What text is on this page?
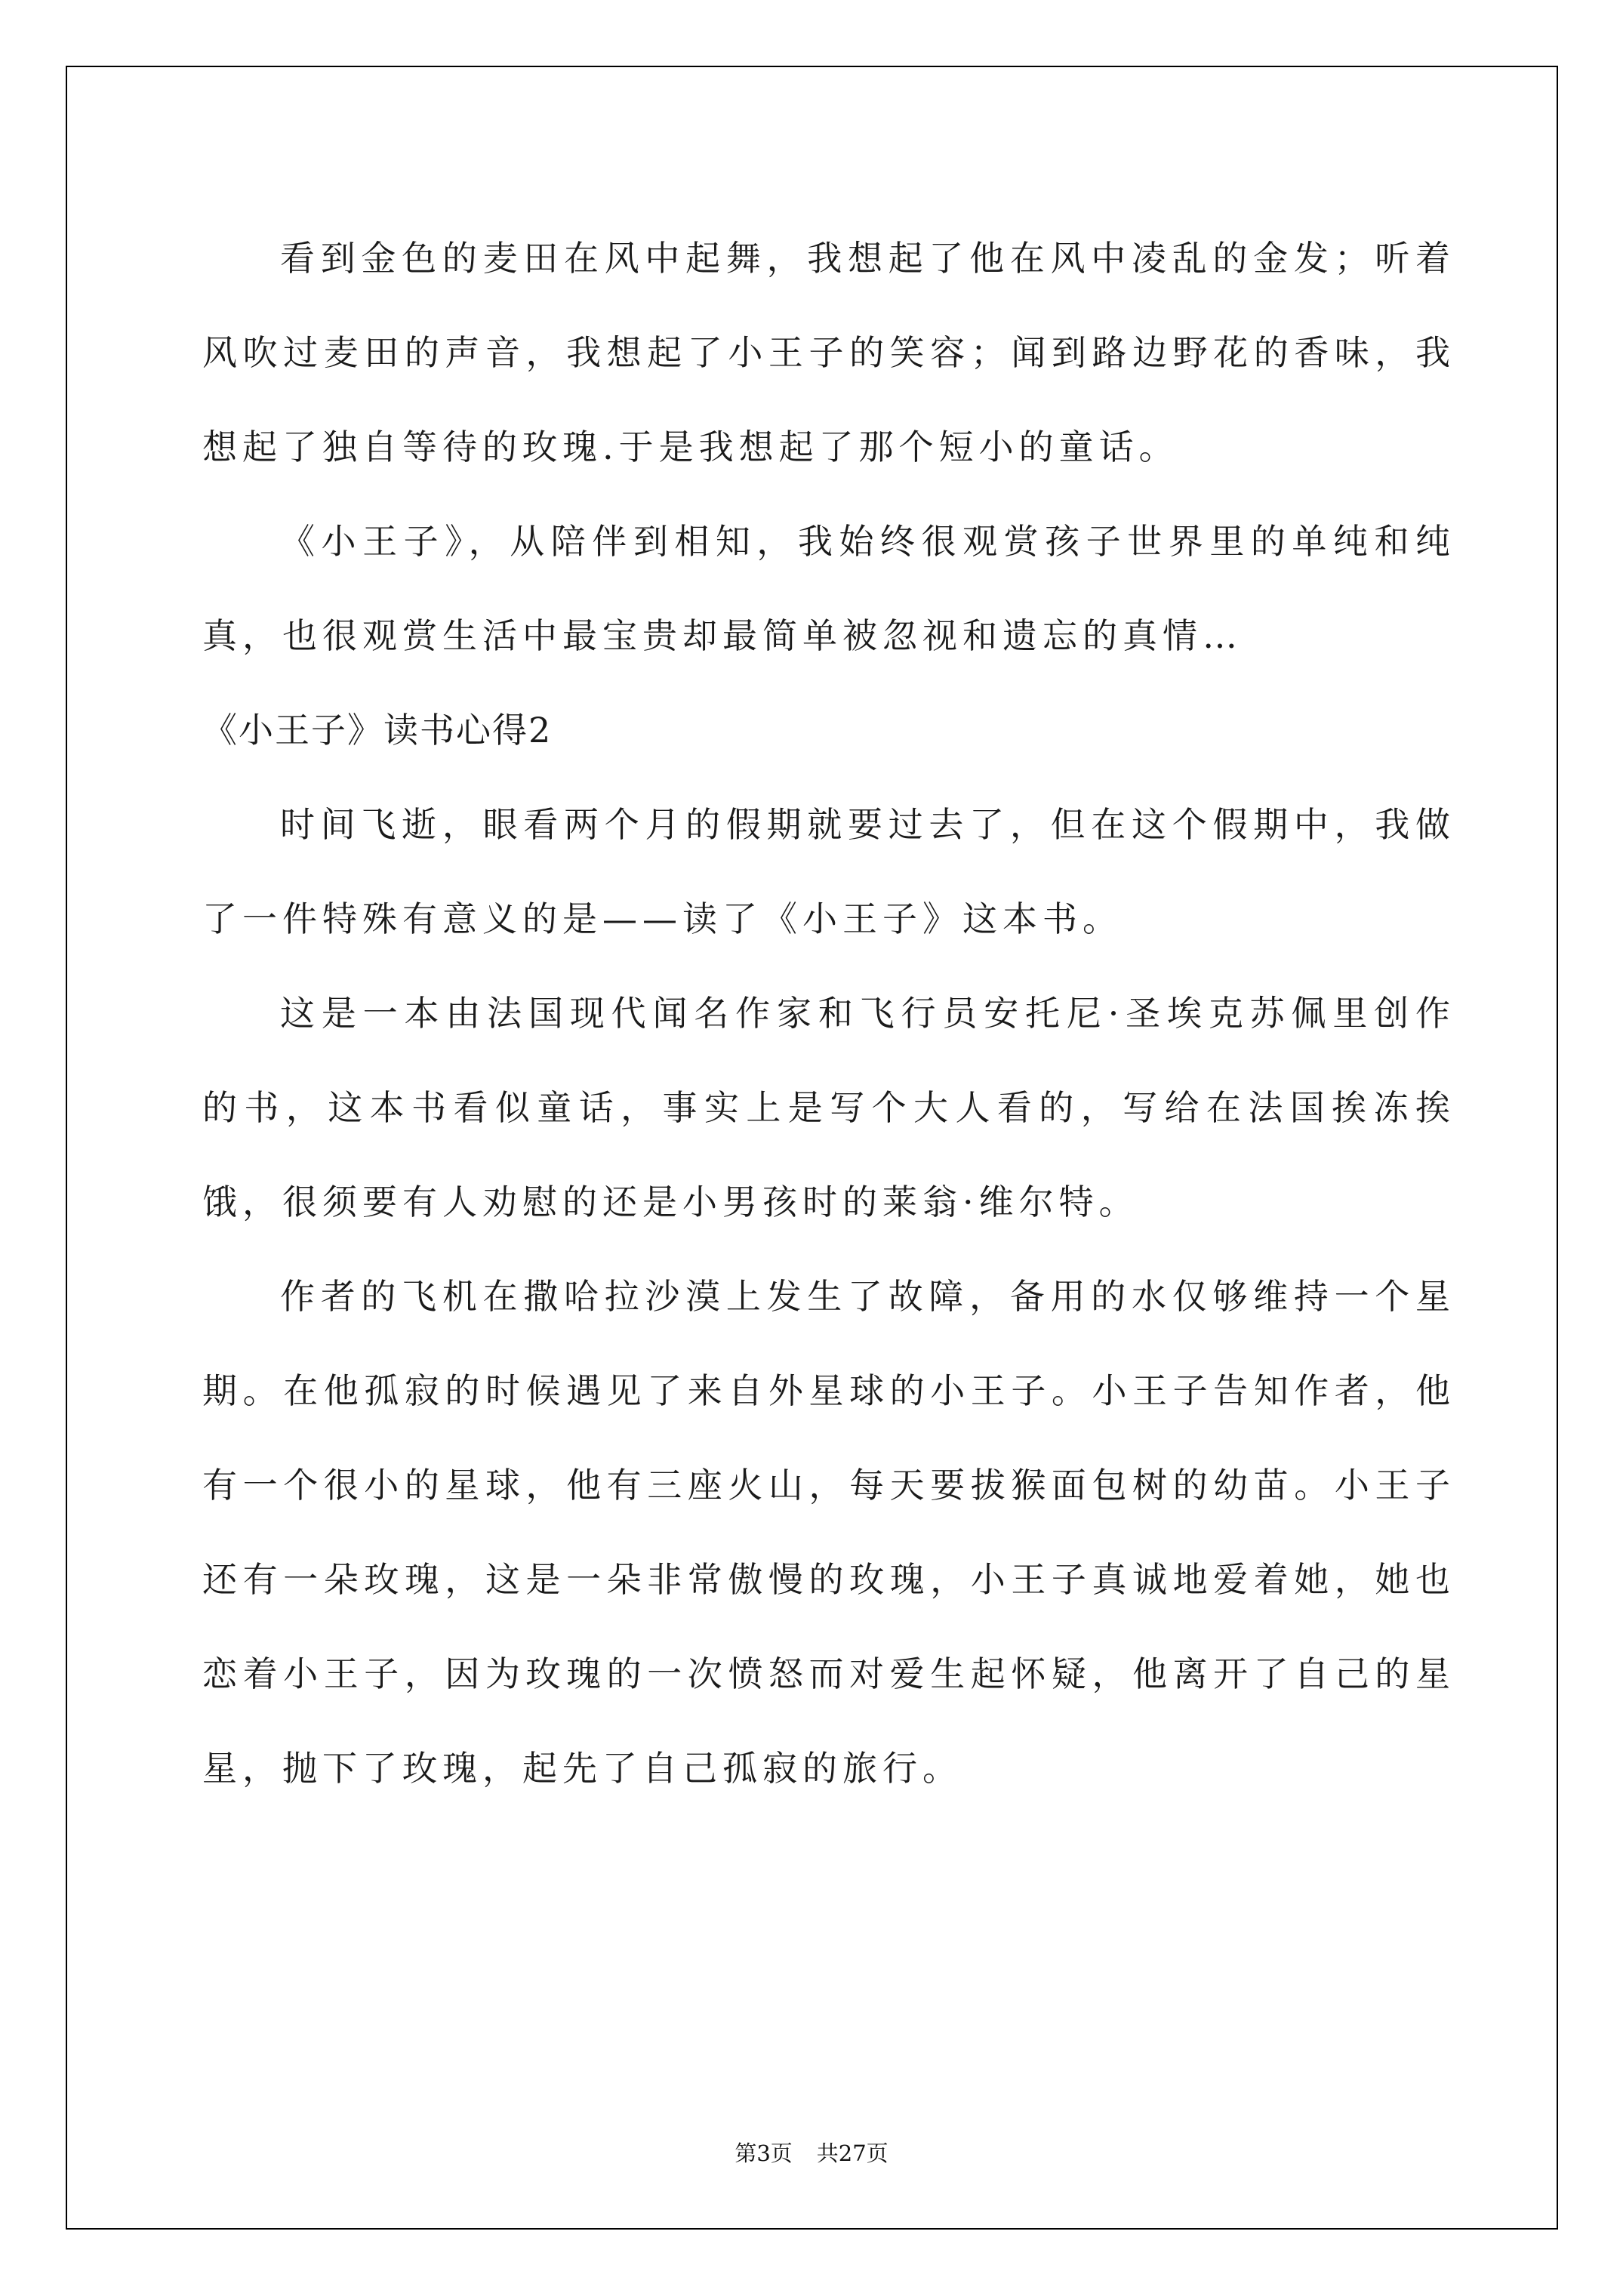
看到金色的麦田在风中起舞，我想起了他在风中凌乱的金发；听着风吹过麦田的声音，我想起了小王子的笑容；闻到路边野花的香味，我想起了独自等待的玫瑰.于是我想起了那个短小的童话。

《小王子》，从陪伴到相知，我始终很观赏孩子世界里的单纯和纯真，也很观赏生活中最宝贵却最简单被忽视和遗忘的真情…

《小王子》读书心得2

时间飞逝，眼看两个月的假期就要过去了，但在这个假期中，我做了一件特殊有意义的是——读了《小王子》这本书。

这是一本由法国现代闻名作家和飞行员安托尼·圣埃克苏佩里创作的书，这本书看似童话，事实上是写个大人看的，写给在法国挨冻挨饿，很须要有人劝慰的还是小男孩时的莱翁·维尔特。

作者的飞机在撒哈拉沙漠上发生了故障，备用的水仅够维持一个星期。在他孤寂的时候遇见了来自外星球的小王子。小王子告知作者，他有一个很小的星球，他有三座火山，每天要拔猴面包树的幼苗。小王子还有一朵玫瑰，这是一朵非常傲慢的玫瑰，小王子真诚地爱着她，她也恋着小王子，因为玫瑰的一次愤怒而对爱生起怀疑，他离开了自己的星星，抛下了玫瑰，起先了自己孤寂的旅行。

第3页 共27页
